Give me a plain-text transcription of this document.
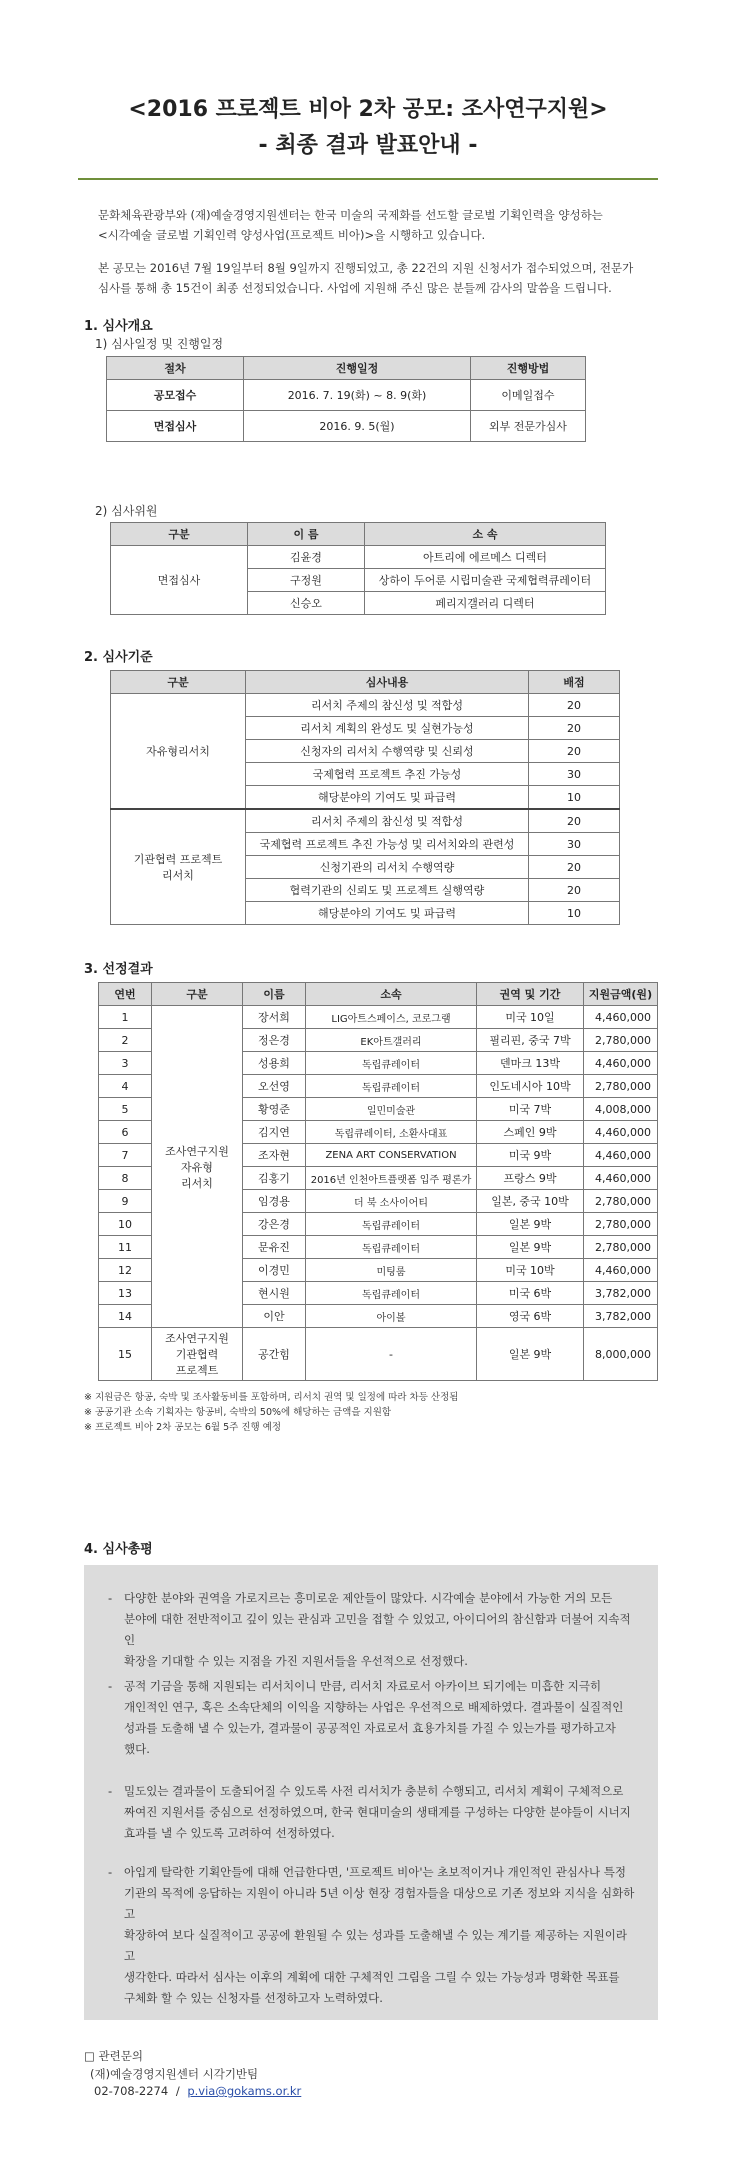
<2016 프로젝트 비아 2차 공모: 조사연구지원>
- 최종 결과 발표안내 -
문화체육관광부와 (재)예술경영지원센터는 한국 미술의 국제화를 선도할 글로벌 기획인력을 양성하는
<시각예술 글로벌 기획인력 양성사업(프로젝트 비아)>을 시행하고 있습니다.
본 공모는 2016년 7월 19일부터 8월 9일까지 진행되었고, 총 22건의 지원 신청서가 접수되었으며, 전문가
심사를 통해 총 15건이 최종 선정되었습니다. 사업에 지원해 주신 많은 분들께 감사의 말씀을 드립니다.
1. 심사개요
1) 심사일정 및 진행일정
절차	진행일정	진행방법
공모접수	2016. 7. 19(화) ~ 8. 9(화)	이메일접수
면접심사	2016. 9. 5(월)	외부 전문가심사
2) 심사위원
구분	이 름	소 속
면접심사	김윤경	아트리에 에르메스 디렉터
	구정원	상하이 두어룬 시립미술관 국제협력큐레이터
	신승오	페리지갤러리 디렉터
2. 심사기준
구분	심사내용	배점
자유형리서치	리서치 주제의 참신성 및 적합성	20
	리서치 계획의 완성도 및 실현가능성	20
	신청자의 리서치 수행역량 및 신뢰성	20
	국제협력 프로젝트 추진 가능성	30
	해당분야의 기여도 및 파급력	10

기관협력 프로젝트
리서치	리서치 주제의 참신성 및 적합성	20
	국제협력 프로젝트 추진 가능성 및 리서치와의 관련성	30
	신청기관의 리서치 수행역량	20
	협력기관의 신뢰도 및 프로젝트 실행역량	20
	해당분야의 기여도 및 파급력	10
3. 선정결과
연번	구분	이름	소속	권역 및 기간	지원금액(원)
1	조사연구지원
자유형
리서치	장서희	LIG아트스페이스, 코로그램	미국 10일	4,460,000
2		정은경	EK아트갤러리	필리핀, 중국 7박	2,780,000
3		성용희	독립큐레이터	덴마크 13박	4,460,000
4		오선영	독립큐레이터	인도네시아 10박	2,780,000
5		황영준	일민미술관	미국 7박	4,008,000
6		김지연	독립큐레이터, 소환사대표	스페인 9박	4,460,000
7		조자현	ZENA ART CONSERVATION	미국 9박	4,460,000
8		김홍기	2016년 인천아트플랫폼 입주 평론가	프랑스 9박	4,460,000
9		임경용	더 북 소사이어티	일본, 중국 10박	2,780,000
10		강은경	독립큐레이터	일본 9박	2,780,000
11		문유진	독립큐레이터	일본 9박	2,780,000
12		이경민	미팅룸	미국 10박	4,460,000
13		현시원	독립큐레이터	미국 6박	3,782,000
14		이안	아이볼	영국 6박	3,782,000
15	조사연구지원
기관협력
프로젝트	공간힘	-	일본 9박	8,000,000
※ 지원금은 항공, 숙박 및 조사활동비를 포함하며, 리서치 권역 및 일정에 따라 차등 산정됨
※ 공공기관 소속 기획자는 항공비, 숙박의 50%에 해당하는 금액을 지원함
※ 프로젝트 비아 2차 공모는 6월 5주 진행 예정
4. 심사총평
- 다양한 분야와 권역을 가로지르는 흥미로운 제안들이 많았다. 시각예술 분야에서 가능한 거의 모든
분야에 대한 전반적이고 깊이 있는 관심과 고민을 접할 수 있었고, 아이디어의 참신함과 더불어 지속적인
확장을 기대할 수 있는 지점을 가진 지원서들을 우선적으로 선정했다.
- 공적 기금을 통해 지원되는 리서치이니 만큼, 리서치 자료로서 아카이브 되기에는 미흡한 지극히
개인적인 연구, 혹은 소속단체의 이익을 지향하는 사업은 우선적으로 배제하였다. 결과물이 실질적인
성과를 도출해 낼 수 있는가, 결과물이 공공적인 자료로서 효용가치를 가질 수 있는가를 평가하고자
했다.
- 밀도있는 결과물이 도출되어질 수 있도록 사전 리서치가 충분히 수행되고, 리서치 계획이 구체적으로
짜여진 지원서를 중심으로 선정하였으며, 한국 현대미술의 생태계를 구성하는 다양한 분야들이 시너지
효과를 낼 수 있도록 고려하여 선정하였다.
- 아입게 탈락한 기획안들에 대해 언급한다면, '프로젝트 비아'는 초보적이거나 개인적인 관심사나 특정
기관의 목적에 응답하는 지원이 아니라 5년 이상 현장 경험자들을 대상으로 기존 정보와 지식을 심화하고
확장하여 보다 실질적이고 공공에 환원될 수 있는 성과를 도출해낼 수 있는 계기를 제공하는 지원이라고
생각한다. 따라서 심사는 이후의 계획에 대한 구체적인 그림을 그릴 수 있는 가능성과 명확한 목표를
구체화 할 수 있는 신청자를 선정하고자 노력하였다.
□ 관련문의
(재)예술경영지원센터 시각기반팀
02-708-2274 / p.via@gokams.or.kr
